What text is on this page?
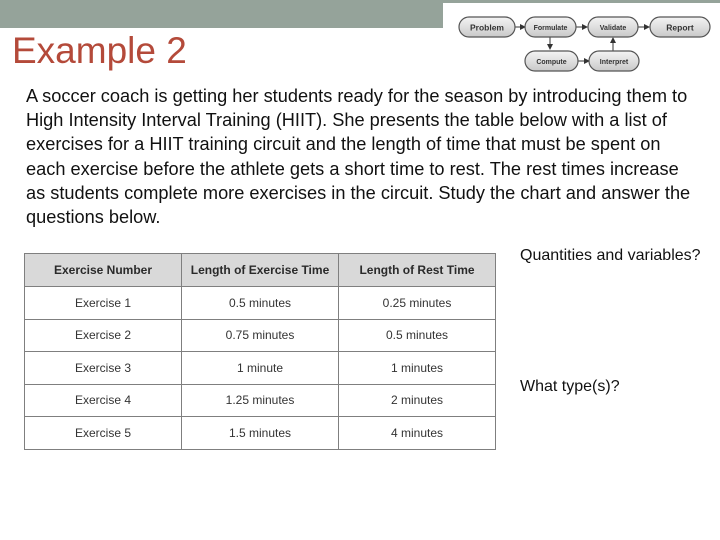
Example 2
Problem	Formulate	Validate	Report
Compute	Interpret

A soccer coach is getting her students ready for the season by introducing them to High Intensity Interval Training (HIIT). She presents the table below with a list of exercises for a HIIT training circuit and the length of time that must be spent on each exercise before the athlete gets a short time to rest. The rest times increase as students complete more exercises in the circuit. Study the chart and answer the questions below.

Exercise Number	Length of Exercise Time	Length of Rest Time
Exercise 1	0.5 minutes	0.25 minutes
Exercise 2	0.75 minutes	0.5 minutes
Exercise 3	1 minute	1 minutes
Exercise 4	1.25 minutes	2 minutes
Exercise 5	1.5 minutes	4 minutes

Quantities and variables?

What type(s)?
